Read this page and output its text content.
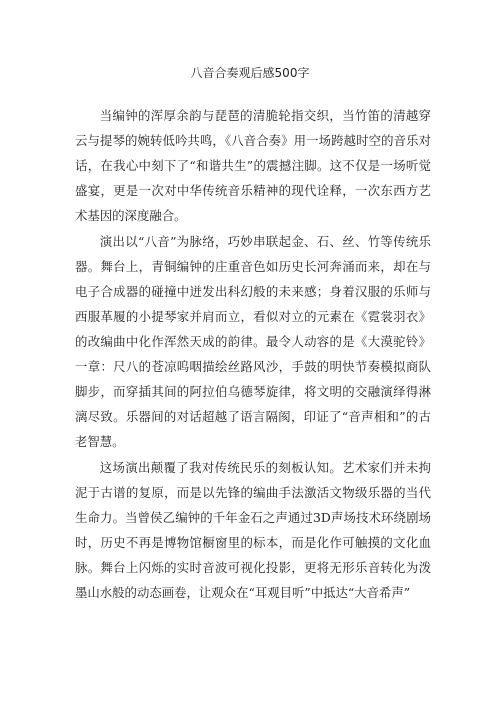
八音合奏观后感500字

当编钟的浑厚余韵与琵琶的清脆轮指交织，当竹笛的清越穿云与提琴的婉转低吟共鸣，《八音合奏》用一场跨越时空的音乐对话，在我心中刻下了“和谐共生”的震撼注脚。这不仅是一场听觉盛宴，更是一次对中华传统音乐精神的现代诠释，一次东西方艺术基因的深度融合。

演出以“八音”为脉络，巧妙串联起金、石、丝、竹等传统乐器。舞台上，青铜编钟的庄重音色如历史长河奔涌而来，却在与电子合成器的碰撞中迸发出科幻般的未来感；身着汉服的乐师与西服革履的小提琴家并肩而立，看似对立的元素在《霓裳羽衣》的改编曲中化作浑然天成的韵律。最令人动容的是《大漠驼铃》一章：尺八的苍凉呜咽描绘丝路风沙，手鼓的明快节奏模拟商队脚步，而穿插其间的阿拉伯乌德琴旋律，将文明的交融演绎得淋漓尽致。乐器间的对话超越了语言隔阂，印证了“音声相和”的古老智慧。

这场演出颠覆了我对传统民乐的刻板认知。艺术家们并未拘泥于古谱的复原，而是以先锋的编曲手法激活文物级乐器的当代生命力。当曾侯乙编钟的千年金石之声通过3D声场技术环绕剧场时，历史不再是博物馆橱窗里的标本，而是化作可触摸的文化血脉。舞台上闪烁的实时音波可视化投影，更将无形乐音转化为泼墨山水般的动态画卷，让观众在“耳观目听”中抵达“大音希声”
